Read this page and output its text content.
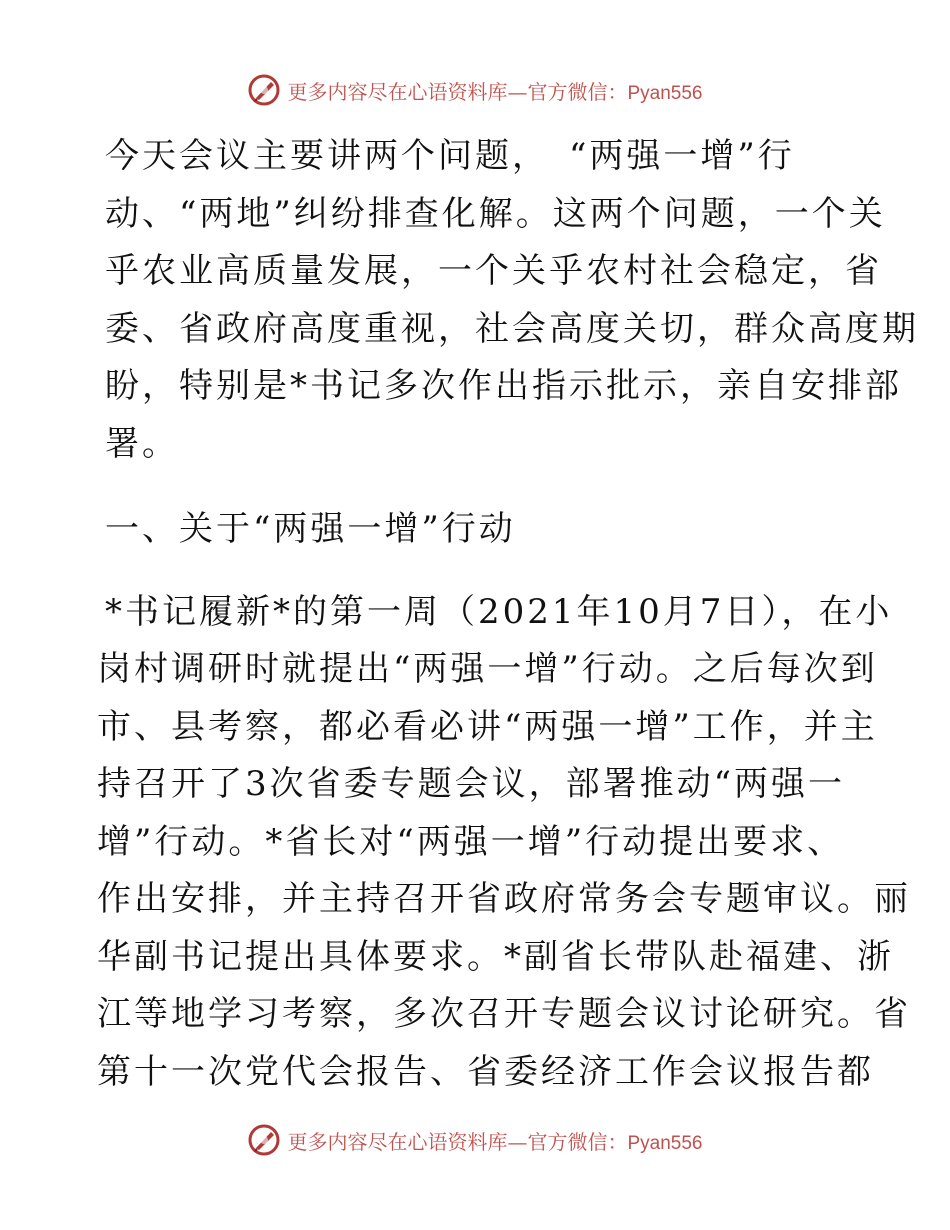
更多内容尽在心语资料库—官方微信：Pyan556

今天会议主要讲两个问题，　“两强一增”行
动、“两地”纠纷排查化解。这两个问题，一个关
乎农业高质量发展，一个关乎农村社会稳定，省
委、省政府高度重视，社会高度关切，群众高度期
盼，特别是*书记多次作出指示批示，亲自安排部
署。

一、关于“两强一增”行动

*书记履新*的第一周（2021年10月7日），在小
岗村调研时就提出“两强一增”行动。之后每次到
市、县考察，都必看必讲“两强一增”工作，并主
持召开了3次省委专题会议，部署推动“两强一
增”行动。*省长对“两强一增”行动提出要求、
作出安排，并主持召开省政府常务会专题审议。丽
华副书记提出具体要求。*副省长带队赴福建、浙
江等地学习考察，多次召开专题会议讨论研究。省
第十一次党代会报告、省委经济工作会议报告都

更多内容尽在心语资料库—官方微信：Pyan556
